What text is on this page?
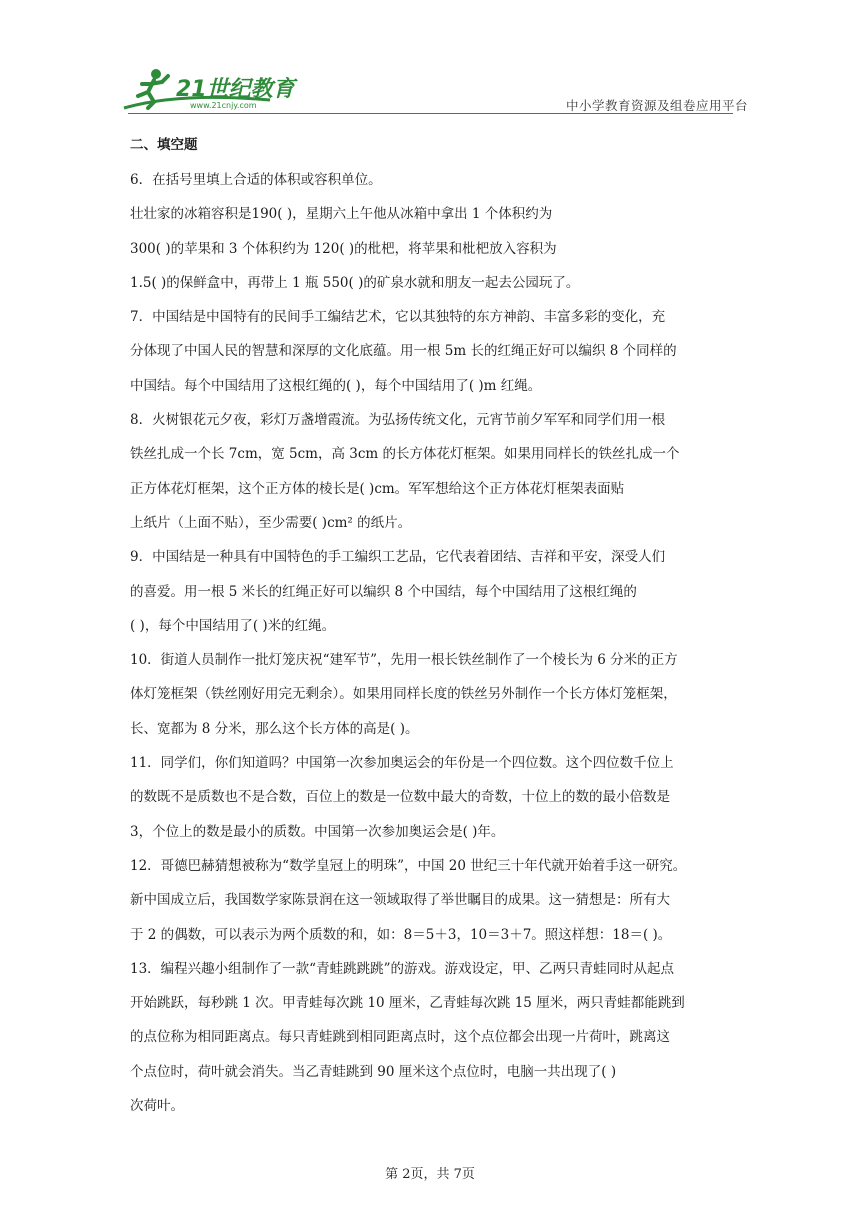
21世纪教育
www.21cnjy.com	中小学教育资源及组卷应用平台
二、填空题
6．在括号里填上合适的体积或容积单位。
壮壮家的冰箱容积是190( )，星期六上午他从冰箱中拿出 1 个体积约为
300( )的苹果和 3 个体积约为 120( )的枇杷，将苹果和枇杷放入容积为
1.5( )的保鲜盒中，再带上 1 瓶 550( )的矿泉水就和朋友一起去公园玩了。
7．中国结是中国特有的民间手工编结艺术，它以其独特的东方神韵、丰富多彩的变化，充
分体现了中国人民的智慧和深厚的文化底蕴。用一根 5m 长的红绳正好可以编织 8 个同样的
中国结。每个中国结用了这根红绳的( )，每个中国结用了( )m 红绳。
8．火树银花元夕夜，彩灯万盏增霞流。为弘扬传统文化，元宵节前夕军军和同学们用一根
铁丝扎成一个长 7cm，宽 5cm，高 3cm 的长方体花灯框架。如果用同样长的铁丝扎成一个
正方体花灯框架，这个正方体的棱长是( )cm。军军想给这个正方体花灯框架表面贴
上纸片（上面不贴），至少需要( )cm² 的纸片。
9．中国结是一种具有中国特色的手工编织工艺品，它代表着团结、吉祥和平安，深受人们
的喜爱。用一根 5 米长的红绳正好可以编织 8 个中国结，每个中国结用了这根红绳的
( )，每个中国结用了( )米的红绳。
10．街道人员制作一批灯笼庆祝“建军节”，先用一根长铁丝制作了一个棱长为 6 分米的正方
体灯笼框架（铁丝刚好用完无剩余）。如果用同样长度的铁丝另外制作一个长方体灯笼框架，
长、宽都为 8 分米，那么这个长方体的高是( )。
11．同学们，你们知道吗？中国第一次参加奥运会的年份是一个四位数。这个四位数千位上
的数既不是质数也不是合数，百位上的数是一位数中最大的奇数，十位上的数的最小倍数是
3，个位上的数是最小的质数。中国第一次参加奥运会是( )年。
12．哥德巴赫猜想被称为“数学皇冠上的明珠”，中国 20 世纪三十年代就开始着手这一研究。
新中国成立后，我国数学家陈景润在这一领域取得了举世瞩目的成果。这一猜想是：所有大
于 2 的偶数，可以表示为两个质数的和，如：8＝5＋3，10＝3＋7。照这样想：18＝( )。
13．编程兴趣小组制作了一款“青蛙跳跳跳”的游戏。游戏设定，甲、乙两只青蛙同时从起点
开始跳跃，每秒跳 1 次。甲青蛙每次跳 10 厘米，乙青蛙每次跳 15 厘米，两只青蛙都能跳到
的点位称为相同距离点。每只青蛙跳到相同距离点时，这个点位都会出现一片荷叶，跳离这
个点位时，荷叶就会消失。当乙青蛙跳到 90 厘米这个点位时，电脑一共出现了( )
次荷叶。
第 2页，共 7页
